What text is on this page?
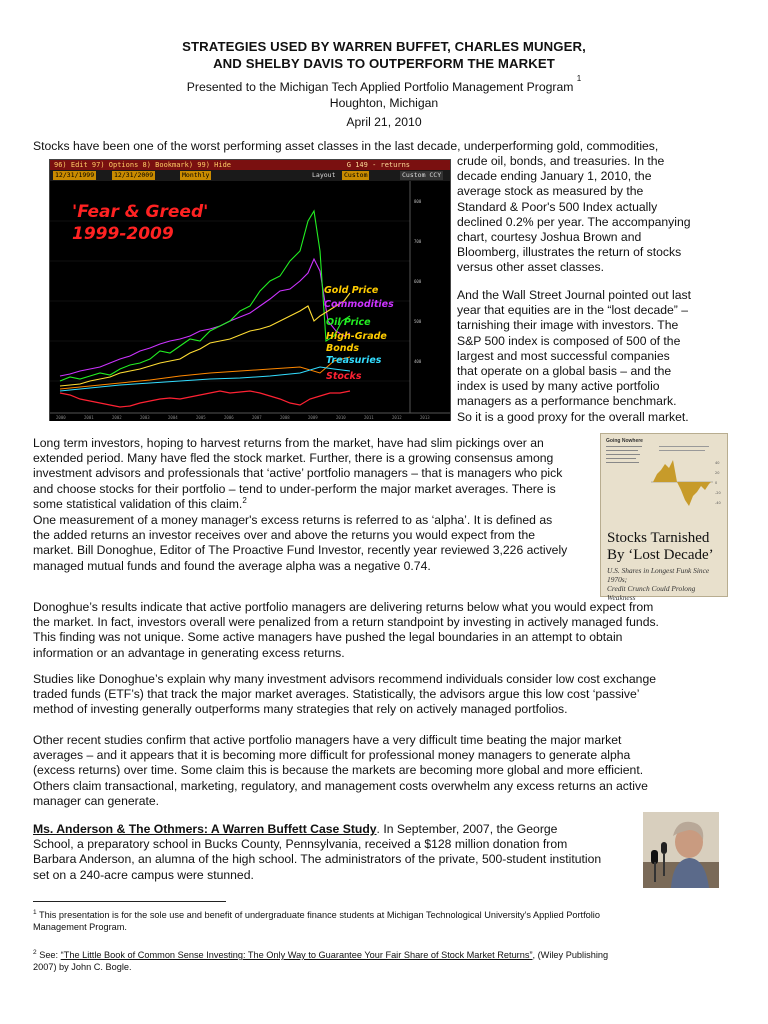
STRATEGIES USED BY WARREN BUFFET, CHARLES MUNGER,
AND SHELBY DAVIS TO OUTPERFORM THE MARKET
Presented to the Michigan Tech Applied Portfolio Management Program $^1$
Houghton, Michigan
April 21, 2010
Stocks have been one of the worst performing asset classes in the last decade, underperforming gold, commodities,
96) Edit 97) Options 8) Bookmark) 99) Hide	G 149 - returns
12/31/1999	12/31/2009	Monthly	Layout	Custom	Custom CCY
800
700
600
500
400
Gold Price
Commodities
Oil Price
High-Grade
Bonds
Treasuries
Stocks
'Fear & Greed'
1999-2009
2000	2001	2002	2003	2004	2005	2006	2007	2008	2009	2010	2011	2012	2013
crude oil, bonds, and treasuries. In the
decade ending January 1, 2010, the
average stock as measured by the
Standard & Poor's 500 Index actually
declined 0.2% per year. The accompanying
chart, courtesy Joshua Brown and
Bloomberg, illustrates the return of stocks
versus other asset classes.
And the Wall Street Journal pointed out last
year that equities are in the “lost decade” –
tarnishing their image with investors. The
S&P 500 index is composed of 500 of the
largest and most successful companies
that operate on a global basis – and the
index is used by many active portfolio
managers as a performance benchmark.
So it is a good proxy for the overall market.
Long term investors, hoping to harvest returns from the market, have had slim pickings over an
extended period. Many have fled the stock market. Further, there is a growing consensus among
investment advisors and professionals that ‘active’ portfolio managers – that is managers who pick
and choose stocks for their portfolio – tend to under-perform the major market averages. There is
some statistical validation of this claim.$^2$
Going Nowhere
40
20
0
-20
-40
Stocks Tarnished
By ‘Lost Decade’
U.S. Shares in Longest Funk Since 1970s;
Credit Crunch Could Prolong Weakness
One measurement of a money manager's excess returns is referred to as ‘alpha’. It is defined as
the added returns an investor receives over and above the returns you would expect from the
market. Bill Donoghue, Editor of The Proactive Fund Investor, recently year reviewed 3,226 actively
managed mutual funds and found the average alpha was a negative 0.74.
Donoghue’s results indicate that active portfolio managers are delivering returns below what you would expect from
the market. In fact, investors overall were penalized from a return standpoint by investing in actively managed funds.
This finding was not unique. Some active managers have pushed the legal boundaries in an attempt to obtain
information or an advantage in generating excess returns.
Studies like Donoghue’s explain why many investment advisors recommend individuals consider low cost exchange
traded funds (ETF’s) that track the major market averages. Statistically, the advisors argue this low cost ‘passive’
method of investing generally outperforms many strategies that rely on actively managed portfolios.
Other recent studies confirm that active portfolio managers have a very difficult time beating the major market
averages – and it appears that it is becoming more difficult for professional money managers to generate alpha
(excess returns) over time. Some claim this is because the markets are becoming more global and more efficient.
Others claim transactional, marketing, regulatory, and management costs overwhelm any excess returns an active
manager can generate.
Ms. Anderson & The Othmers: A Warren Buffett Case Study. In September, 2007, the George
School, a preparatory school in Bucks County, Pennsylvania, received a $128 million donation from
Barbara Anderson, an alumna of the high school. The administrators of the private, 500-student institution
set on a 240-acre campus were stunned.
$^1$ This presentation is for the sole use and benefit of undergraduate finance students at Michigan Technological University’s Applied Portfolio
Management Program.
$^2$ See: “The Little Book of Common Sense Investing: The Only Way to Guarantee Your Fair Share of Stock Market Returns”, (Wiley Publishing
2007) by John C. Bogle.
